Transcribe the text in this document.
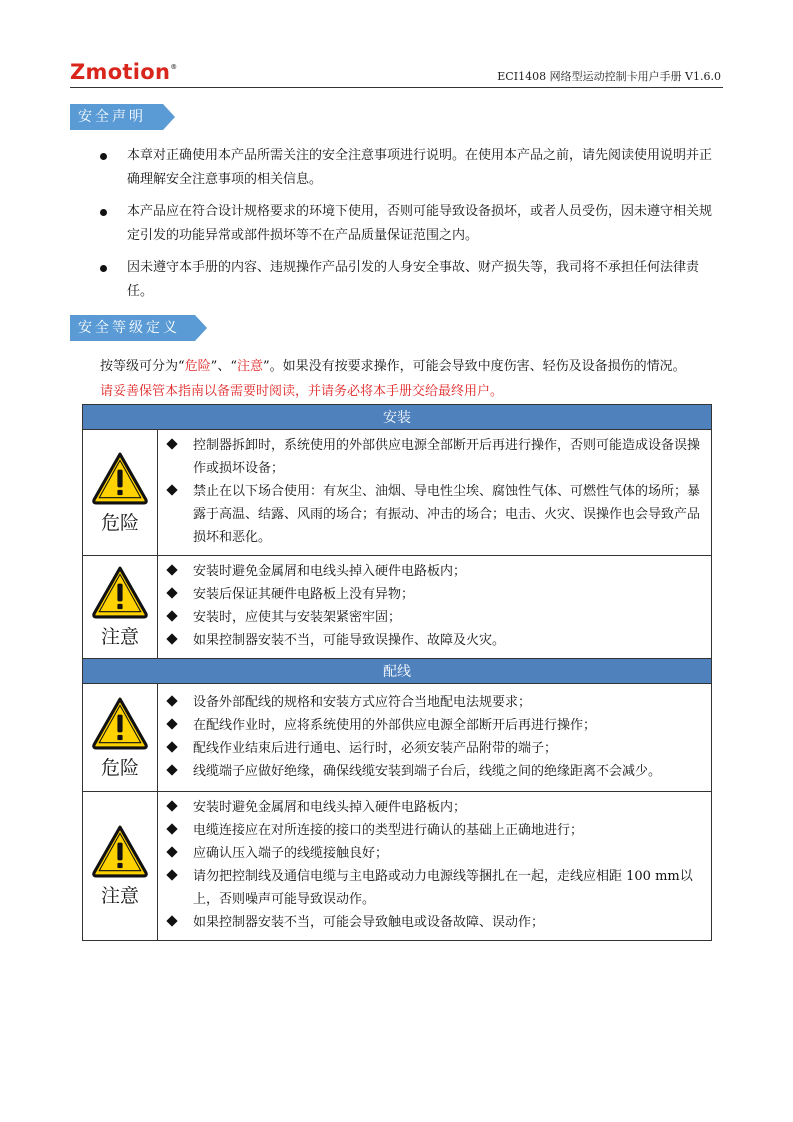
Zmotion®
ECI1408 网络型运动控制卡用户手册 V1.6.0
安全声明
本章对正确使用本产品所需关注的安全注意事项进行说明。在使用本产品之前，请先阅读使用说明并正确理解安全注意事项的相关信息。
本产品应在符合设计规格要求的环境下使用，否则可能导致设备损坏，或者人员受伤，因未遵守相关规定引发的功能异常或部件损坏等不在产品质量保证范围之内。
因未遵守本手册的内容、违规操作产品引发的人身安全事故、财产损失等，我司将不承担任何法律责任。
安全等级定义
按等级可分为“危险”、“注意”。如果没有按要求操作，可能会导致中度伤害、轻伤及设备损伤的情况。
请妥善保管本指南以备需要时阅读，并请务必将本手册交给最终用户。
安装	

危险	控制器拆卸时，系统使用的外部供应电源全部断开后再进行操作，否则可能造成设备误操作或损坏设备；
禁止在以下场合使用：有灰尘、油烟、导电性尘埃、腐蚀性气体、可燃性气体的场所；暴露于高温、结露、风雨的场合；有振动、冲击的场合；电击、火灾、误操作也会导致产品损坏和恶化。

注意	安装时避免金属屑和电线头掉入硬件电路板内；
安装后保证其硬件电路板上没有异物；
安装时，应使其与安装架紧密牢固；
如果控制器安装不当，可能导致误操作、故障及火灾。

配线	

危险	设备外部配线的规格和安装方式应符合当地配电法规要求；
在配线作业时，应将系统使用的外部供应电源全部断开后再进行操作；
配线作业结束后进行通电、运行时，必须安装产品附带的端子；
线缆端子应做好绝缘，确保线缆安装到端子台后，线缆之间的绝缘距离不会减少。

注意	安装时避免金属屑和电线头掉入硬件电路板内；
电缆连接应在对所连接的接口的类型进行确认的基础上正确地进行；
应确认压入端子的线缆接触良好；
请勿把控制线及通信电缆与主电路或动力电源线等捆扎在一起，走线应相距 100 mm以上，否则噪声可能导致误动作。
如果控制器安装不当，可能会导致触电或设备故障、误动作；
